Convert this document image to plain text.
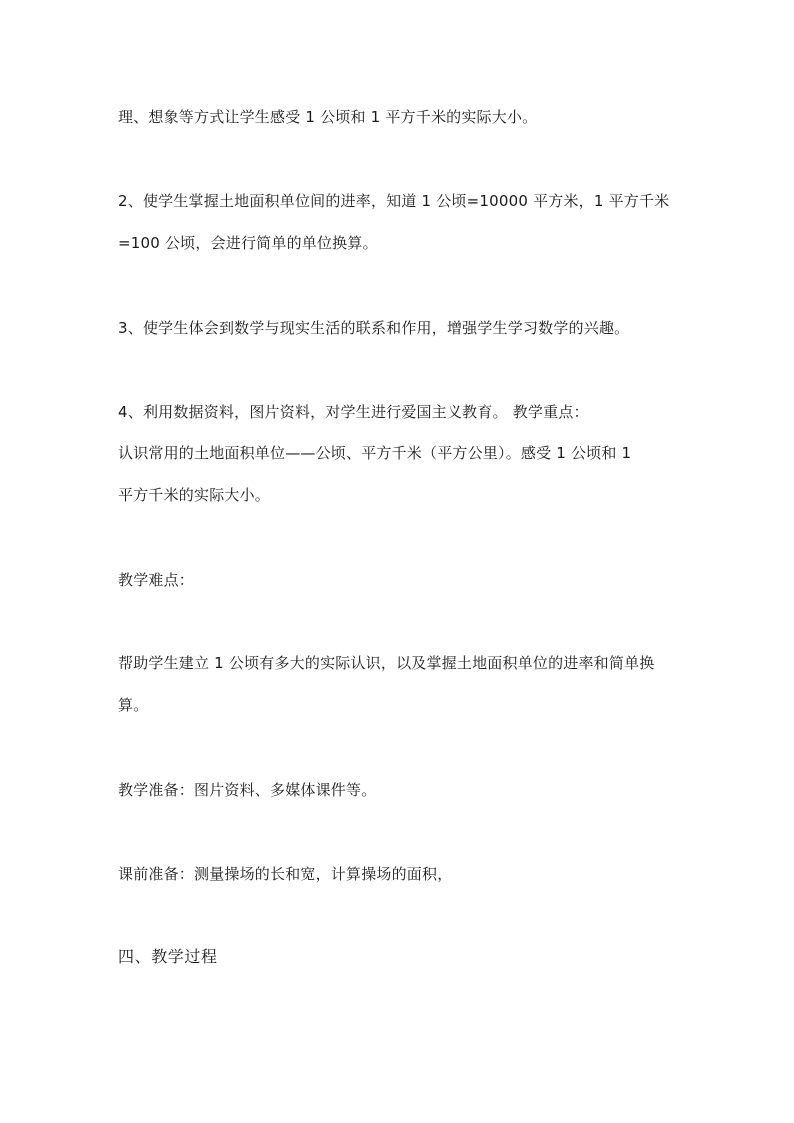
理、想象等方式让学生感受 1 公顷和 1 平方千米的实际大小。

2、使学生掌握土地面积单位间的进率，知道 1 公顷=10000 平方米，1 平方千米

=100 公顷，会进行简单的单位换算。

3、使学生体会到数学与现实生活的联系和作用，增强学生学习数学的兴趣。

4、利用数据资料，图片资料，对学生进行爱国主义教育。 教学重点：

认识常用的土地面积单位——公顷、平方千米（平方公里）。感受 1 公顷和 1

平方千米的实际大小。

教学难点：

帮助学生建立 1 公顷有多大的实际认识，以及掌握土地面积单位的进率和简单换

算。

教学准备：图片资料、多媒体课件等。

课前准备：测量操场的长和宽，计算操场的面积，

四、教学过程
